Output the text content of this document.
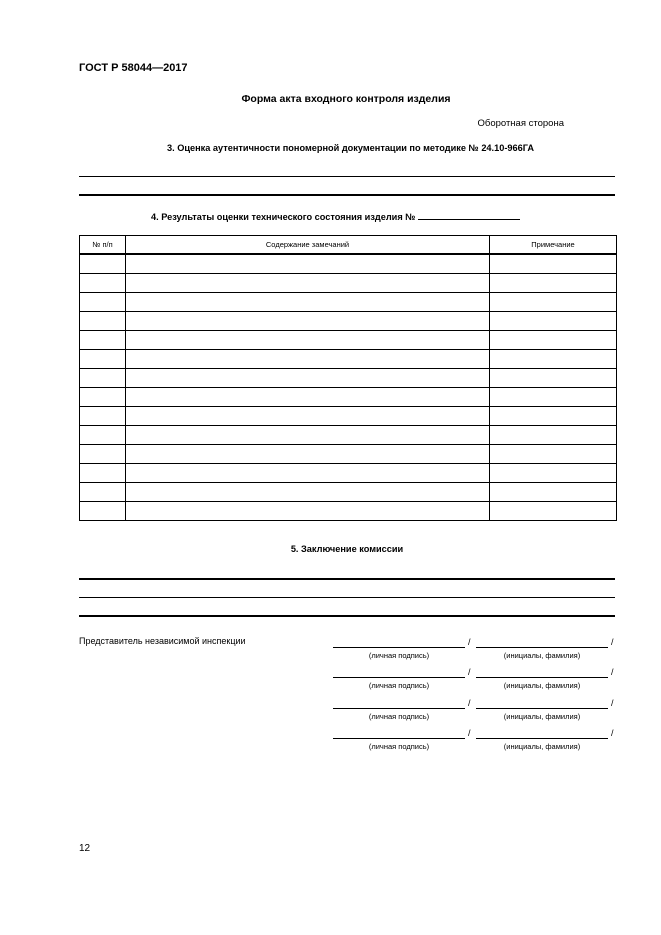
ГОСТ Р 58044—2017
Форма акта входного контроля изделия
Оборотная сторона
3. Оценка аутентичности пономерной документации по методике № 24.10-966ГА
4. Результаты оценки технического состояния изделия №
№ п/п	Содержание замечаний	Примечание

5. Заключение комиссии
Представитель независимой инспекции	/	/
(личная подпись)	(инициалы, фамилия)
/	/
(личная подпись)	(инициалы, фамилия)
/	/
(личная подпись)	(инициалы, фамилия)
/	/
(личная подпись)	(инициалы, фамилия)
12
